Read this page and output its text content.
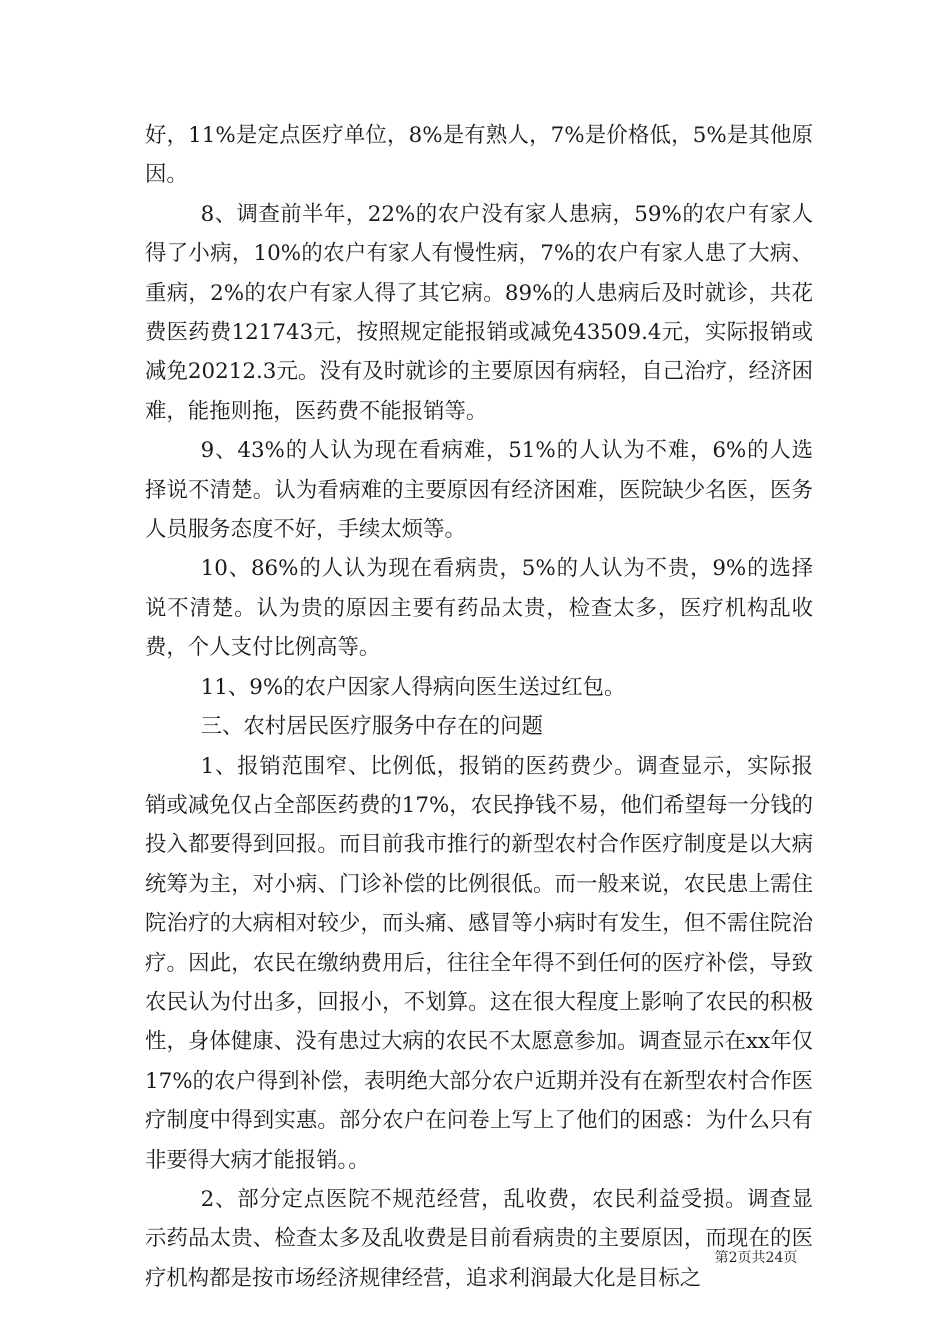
好，11%是定点医疗单位，8%是有熟人，7%是价格低，5%是其他原因。

8、调查前半年，22%的农户没有家人患病，59%的农户有家人得了小病，10%的农户有家人有慢性病，7%的农户有家人患了大病、重病，2%的农户有家人得了其它病。89%的人患病后及时就诊，共花费医药费121743元，按照规定能报销或减免43509.4元，实际报销或减免20212.3元。没有及时就诊的主要原因有病轻，自己治疗，经济困难，能拖则拖，医药费不能报销等。

9、43%的人认为现在看病难，51%的人认为不难，6%的人选择说不清楚。认为看病难的主要原因有经济困难，医院缺少名医，医务人员服务态度不好，手续太烦等。

10、86%的人认为现在看病贵，5%的人认为不贵，9%的选择说不清楚。认为贵的原因主要有药品太贵，检查太多，医疗机构乱收费，个人支付比例高等。

11、9%的农户因家人得病向医生送过红包。

三、农村居民医疗服务中存在的问题

1、报销范围窄、比例低，报销的医药费少。调查显示，实际报销或减免仅占全部医药费的17%，农民挣钱不易，他们希望每一分钱的投入都要得到回报。而目前我市推行的新型农村合作医疗制度是以大病统筹为主，对小病、门诊补偿的比例很低。而一般来说，农民患上需住院治疗的大病相对较少，而头痛、感冒等小病时有发生，但不需住院治疗。因此，农民在缴纳费用后，往往全年得不到任何的医疗补偿，导致农民认为付出多，回报小，不划算。这在很大程度上影响了农民的积极性，身体健康、没有患过大病的农民不太愿意参加。调查显示在xx年仅17%的农户得到补偿，表明绝大部分农户近期并没有在新型农村合作医疗制度中得到实惠。部分农户在问卷上写上了他们的困惑：为什么只有非要得大病才能报销。。

2、部分定点医院不规范经营，乱收费，农民利益受损。调查显示药品太贵、检查太多及乱收费是目前看病贵的主要原因，而现在的医疗机构都是按市场经济规律经营，追求利润最大化是目标之

第2页共24页
